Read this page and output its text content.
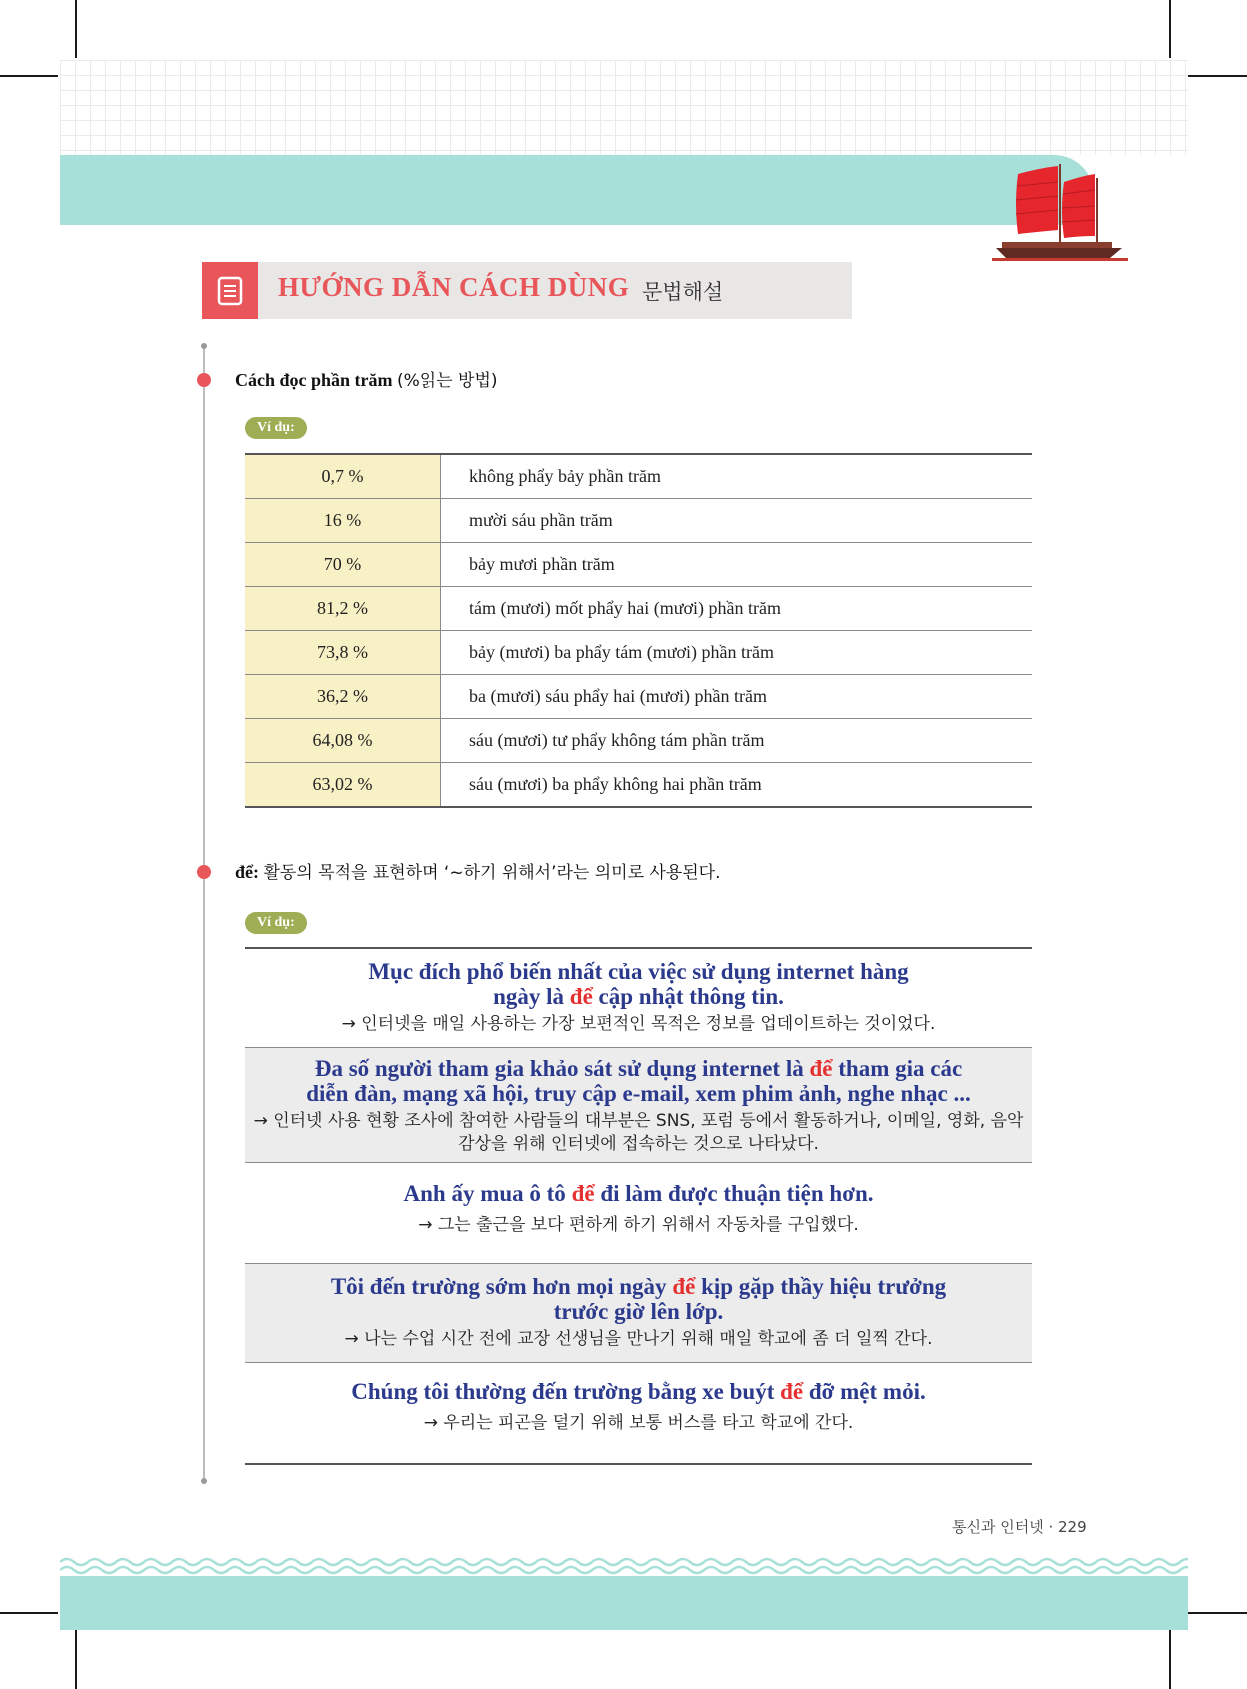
HƯỚNG DẪN CÁCH DÙNG 문법해설
Cách đọc phần trăm (%읽는 방법)
Ví dụ:
0,7 %	không phẩy bảy phần trăm
16 %	mười sáu phần trăm
70 %	bảy mươi phần trăm
81,2 %	tám (mươi) mốt phẩy hai (mươi) phần trăm
73,8 %	bảy (mươi) ba phẩy tám (mươi) phần trăm
36,2 %	ba (mươi) sáu phẩy hai (mươi) phần trăm
64,08 %	sáu (mươi) tư phẩy không tám phần trăm
63,02 %	sáu (mươi) ba phẩy không hai phần trăm
để: 활동의 목적을 표현하며 ‘~하기 위해서’라는 의미로 사용된다.
Ví dụ:
Mục đích phổ biến nhất của việc sử dụng internet hàng ngày là để cập nhật thông tin.
→ 인터넷을 매일 사용하는 가장 보편적인 목적은 정보를 업데이트하는 것이었다.
Đa số người tham gia khảo sát sử dụng internet là để tham gia các diễn đàn, mạng xã hội, truy cập e-mail, xem phim ảnh, nghe nhạc ...
→ 인터넷 사용 현황 조사에 참여한 사람들의 대부분은 SNS, 포럼 등에서 활동하거나, 이메일, 영화, 음악 감상을 위해 인터넷에 접속하는 것으로 나타났다.
Anh ấy mua ô tô để đi làm được thuận tiện hơn.
→ 그는 출근을 보다 편하게 하기 위해서 자동차를 구입했다.
Tôi đến trường sớm hơn mọi ngày để kịp gặp thầy hiệu trưởng trước giờ lên lớp.
→ 나는 수업 시간 전에 교장 선생님을 만나기 위해 매일 학교에 좀 더 일찍 간다.
Chúng tôi thường đến trường bằng xe buýt để đỡ mệt mỏi.
→ 우리는 피곤을 덜기 위해 보통 버스를 타고 학교에 간다.
통신과 인터넷 · 229
